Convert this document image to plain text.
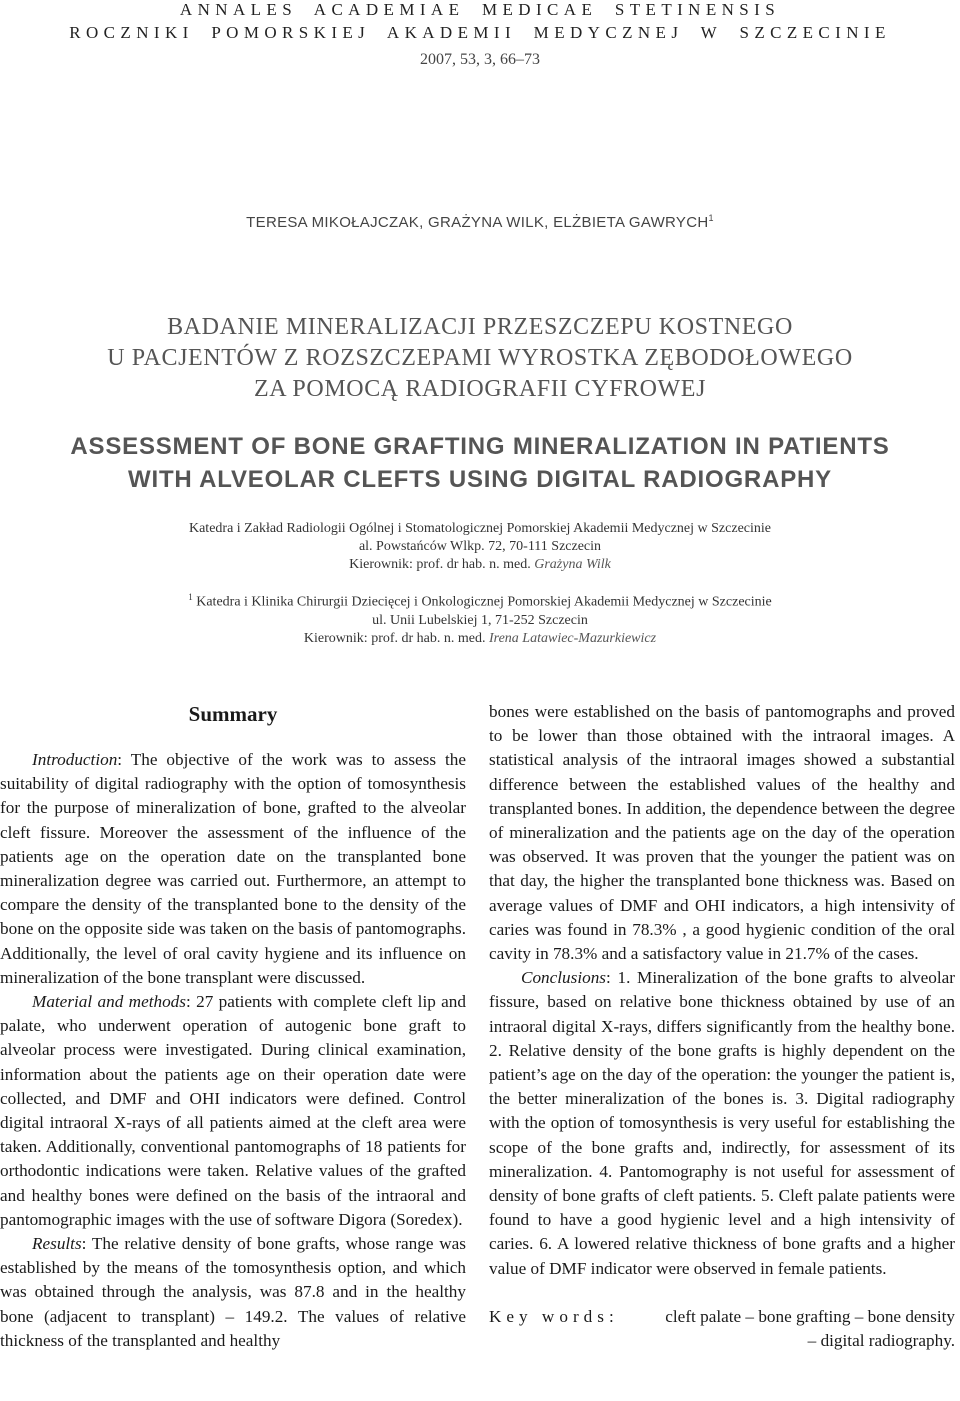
ANNALES ACADEMIAE MEDICAE STETINENSIS
ROCZNIKI POMORSKIEJ AKADEMII MEDYCZNEJ W SZCZECINIE
2007, 53, 3, 66–73
TERESA MIKOŁAJCZAK, GRAŻYNA WILK, ELŻBIETA GAWRYCH$^1$
BADANIE MINERALIZACJI PRZESZCZEPU KOSTNEGO
U PACJENTÓW Z ROZSZCZEPAMI WYROSTKA ZĘBODOŁOWEGO
ZA POMOCĄ RADIOGRAFII CYFROWEJ
ASSESSMENT OF BONE GRAFTING MINERALIZATION IN PATIENTS
WITH ALVEOLAR CLEFTS USING DIGITAL RADIOGRAPHY
Katedra i Zakład Radiologii Ogólnej i Stomatologicznej Pomorskiej Akademii Medycznej w Szczecinie
al. Powstańców Wlkp. 72, 70-111 Szczecin
Kierownik: prof. dr hab. n. med. Grażyna Wilk
$^1$ Katedra i Klinika Chirurgii Dziecięcej i Onkologicznej Pomorskiej Akademii Medycznej w Szczecinie
ul. Unii Lubelskiej 1, 71-252 Szczecin
Kierownik: prof. dr hab. n. med. Irena Latawiec-Mazurkiewicz
Summary

Introduction: The objective of the work was to assess the suitability of digital radiography with the option of tomosynthesis for the purpose of mineralization of bone, grafted to the alveolar cleft fissure. Moreover the assessment of the influence of the patients age on the operation date on the transplanted bone mineralization degree was carried out. Furthermore, an attempt to compare the density of the transplanted bone to the density of the bone on the opposite side was taken on the basis of pantomographs. Additionally, the level of oral cavity hygiene and its influence on mineralization of the bone transplant were discussed.

Material and methods: 27 patients with complete cleft lip and palate, who underwent operation of autogenic bone graft to alveolar process were investigated. During clinical examination, information about the patients age on their operation date were collected, and DMF and OHI indicators were defined. Control digital intraoral X-rays of all patients aimed at the cleft area were taken. Additionally, conventional pantomographs of 18 patients for orthodontic indications were taken. Relative values of the grafted and healthy bones were defined on the basis of the intraoral and pantomographic images with the use of software Digora (Soredex).

Results: The relative density of bone grafts, whose range was established by the means of the tomosynthesis option, and which was obtained through the analysis, was 87.8 and in the healthy bone (adjacent to transplant) – 149.2. The values of relative thickness of the transplanted and healthy

bones were established on the basis of pantomographs and proved to be lower than those obtained with the intraoral images. A statistical analysis of the intraoral images showed a substantial difference between the established values of the healthy and transplanted bones. In addition, the dependence between the degree of mineralization and the patients age on the day of the operation was observed. It was proven that the younger the patient was on that day, the higher the transplanted bone thickness was. Based on average values of DMF and OHI indicators, a high intensivity of caries was found in 78.3% , a good hygienic condition of the oral cavity in 78.3% and a satisfactory value in 21.7% of the cases.

Conclusions: 1. Mineralization of the bone grafts to alveolar fissure, based on relative bone thickness obtained by use of an intraoral digital X-rays, differs significantly from the healthy bone. 2. Relative density of the bone grafts is highly dependent on the patient’s age on the day of the operation: the younger the patient is, the better mineralization of the bones is. 3. Digital radiography with the option of tomosynthesis is very useful for establishing the scope of the bone grafts and, indirectly, for assessment of its mineralization. 4. Pantomography is not useful for assessment of density of bone grafts of cleft patients. 5. Cleft palate patients were found to have a good hygienic level and a high intensivity of caries. 6. A lowered relative thickness of bone grafts and a higher value of DMF indicator were observed in female patients.

Key words:	cleft palate – bone grafting – bone density
– digital radiography.
